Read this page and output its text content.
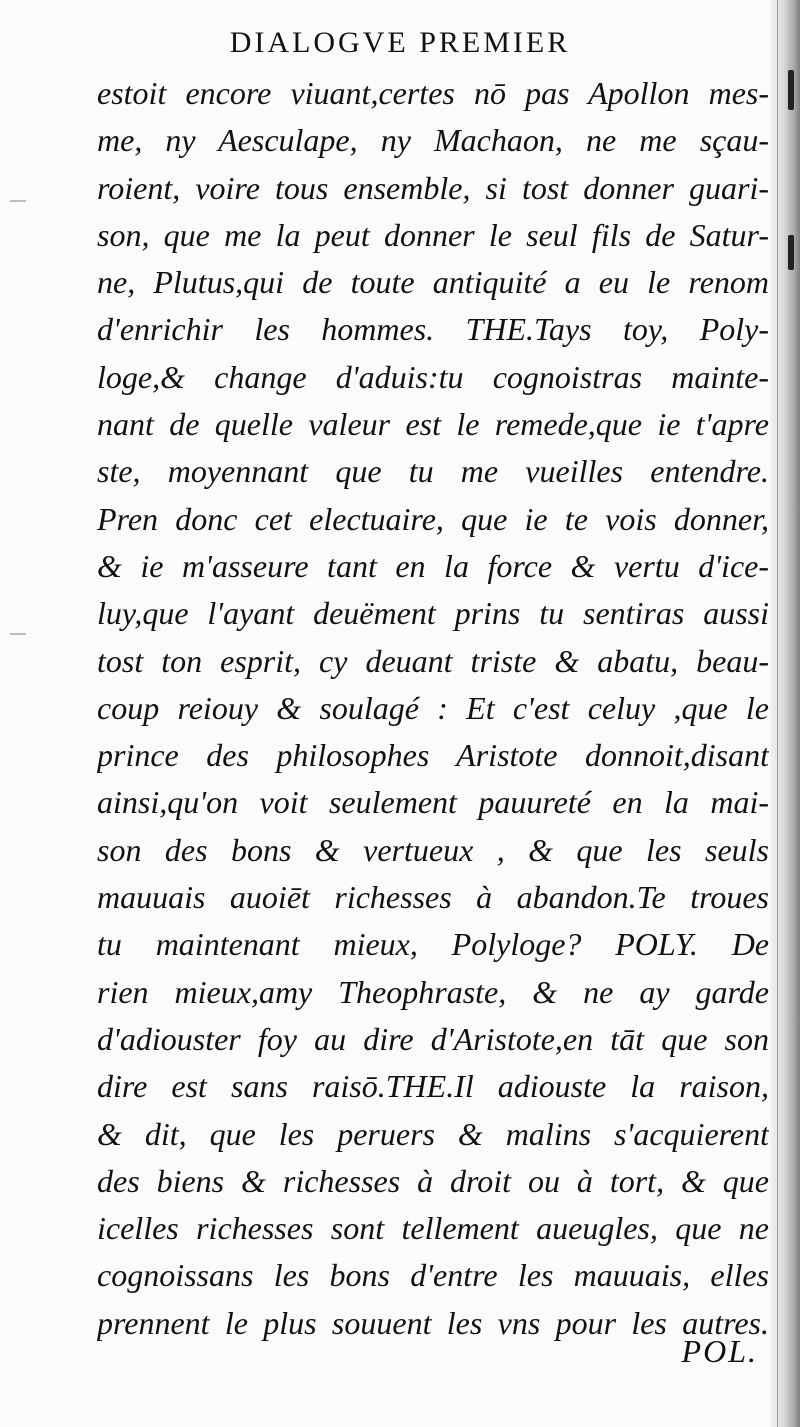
DIALOGVE PREMIER
estoit encore viuant,certes nō pas Apollon mes-
me, ny Aesculape, ny Machaon, ne me sçau-
roient, voire tous ensemble, si tost donner guari-
son, que me la peut donner le seul fils de Satur-
ne, Plutus,qui de toute antiquité a eu le renom
d'enrichir les hommes. THE.Tays toy, Poly-
loge,& change d'aduis:tu cognoistras mainte-
nant de quelle valeur est le remede,que ie t'apre
ste, moyennant que tu me vueilles entendre.
Pren donc cet electuaire, que ie te vois donner,
& ie m'asseure tant en la force & vertu d'ice-
luy,que l'ayant deuëment prins tu sentiras aussi
tost ton esprit, cy deuant triste & abatu, beau-
coup reiouy & soulagé : Et c'est celuy ,que le
prince des philosophes Aristote donnoit,disant
ainsi,qu'on voit seulement pauureté en la mai-
son des bons & vertueux , & que les seuls
mauuais auoiēt richesses à abandon.Te troues
tu maintenant mieux, Polyloge? POLY. De
rien mieux,amy Theophraste, & ne ay garde
d'adiouster foy au dire d'Aristote,en tāt que son
dire est sans raisō.THE.Il adiouste la raison,
& dit, que les peruers & malins s'acquierent
des biens & richesses à droit ou à tort, & que
icelles richesses sont tellement aueugles, que ne
cognoissans les bons d'entre les mauuais, elles
prennent le plus souuent les vns pour les autres.
POL.
